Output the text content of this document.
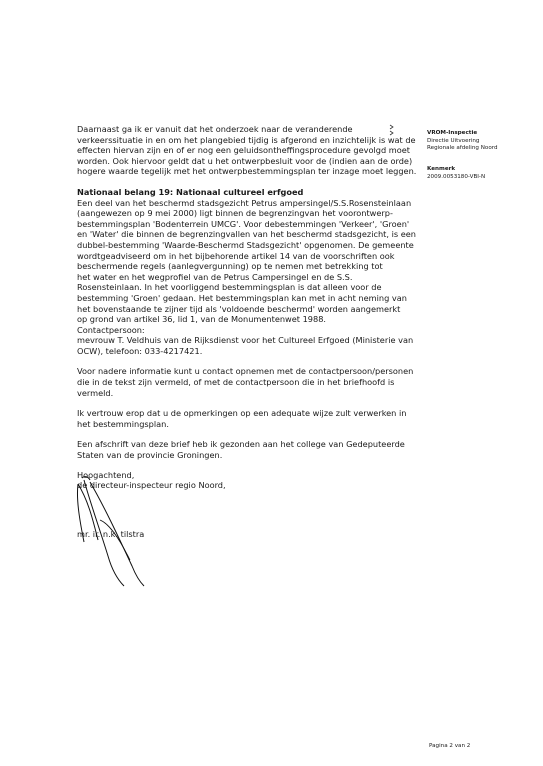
VROM-Inspectie
Directie Uitvoering
Regionale afdeling Noord
Kenmerk
2009.0053180-VBI-N

Daarnaast ga ik er vanuit dat het onderzoek naar de veranderende

verkeerssituatie in en om het plangebied tijdig is afgerond en inzichtelijk is wat de

effecten hiervan zijn en of er nog een geluidsontheffingsprocedure gevolgd moet

worden. Ook hiervoor geldt dat u het ontwerpbesluit voor de (indien aan de orde)

hogere waarde tegelijk met het ontwerpbestemmingsplan ter inzage moet leggen.

Nationaal belang 19: Nationaal cultureel erfgoed

Een deel van het beschermd stadsgezicht Petrus ampersingel/S.S.Rosensteinlaan

(aangewezen op 9 mei 2000) ligt binnen de begrenzingvan het voorontwerp-

bestemmingsplan 'Bodenterrein UMCG'. Voor debestemmingen 'Verkeer', 'Groen'

en 'Water' die binnen de begrenzingvallen van het beschermd stadsgezicht, is een

dubbel-bestemming 'Waarde-Beschermd Stadsgezicht' opgenomen. De gemeente

wordtgeadviseerd om in het bijbehorende artikel 14 van de voorschriften ook

beschermende regels (aanlegvergunning) op te nemen met betrekking tot

het water en het wegprofiel van de Petrus Campersingel en de S.S.

Rosensteinlaan. In het voorliggend bestemmingsplan is dat alleen voor de

bestemming 'Groen' gedaan. Het bestemmingsplan kan met in acht neming van

het bovenstaande te zijner tijd als 'voldoende beschermd' worden aangemerkt

op grond van artikel 36, lid 1, van de Monumentenwet 1988.

Contactpersoon:

mevrouw T. Veldhuis van de Rijksdienst voor het Cultureel Erfgoed (Ministerie van

OCW), telefoon: 033-4217421.

Voor nadere informatie kunt u contact opnemen met de contactpersoon/personen

die in de tekst zijn vermeld, of met de contactpersoon die in het briefhoofd is

vermeld.

Ik vertrouw erop dat u de opmerkingen op een adequate wijze zult verwerken in

het bestemmingsplan.

Een afschrift van deze brief heb ik gezonden aan het college van Gedeputeerde

Staten van de provincie Groningen.

Hoogachtend,

de directeur-inspecteur regio Noord,

mr. ir. n.k. tilstra

Pagina 2 van 2
